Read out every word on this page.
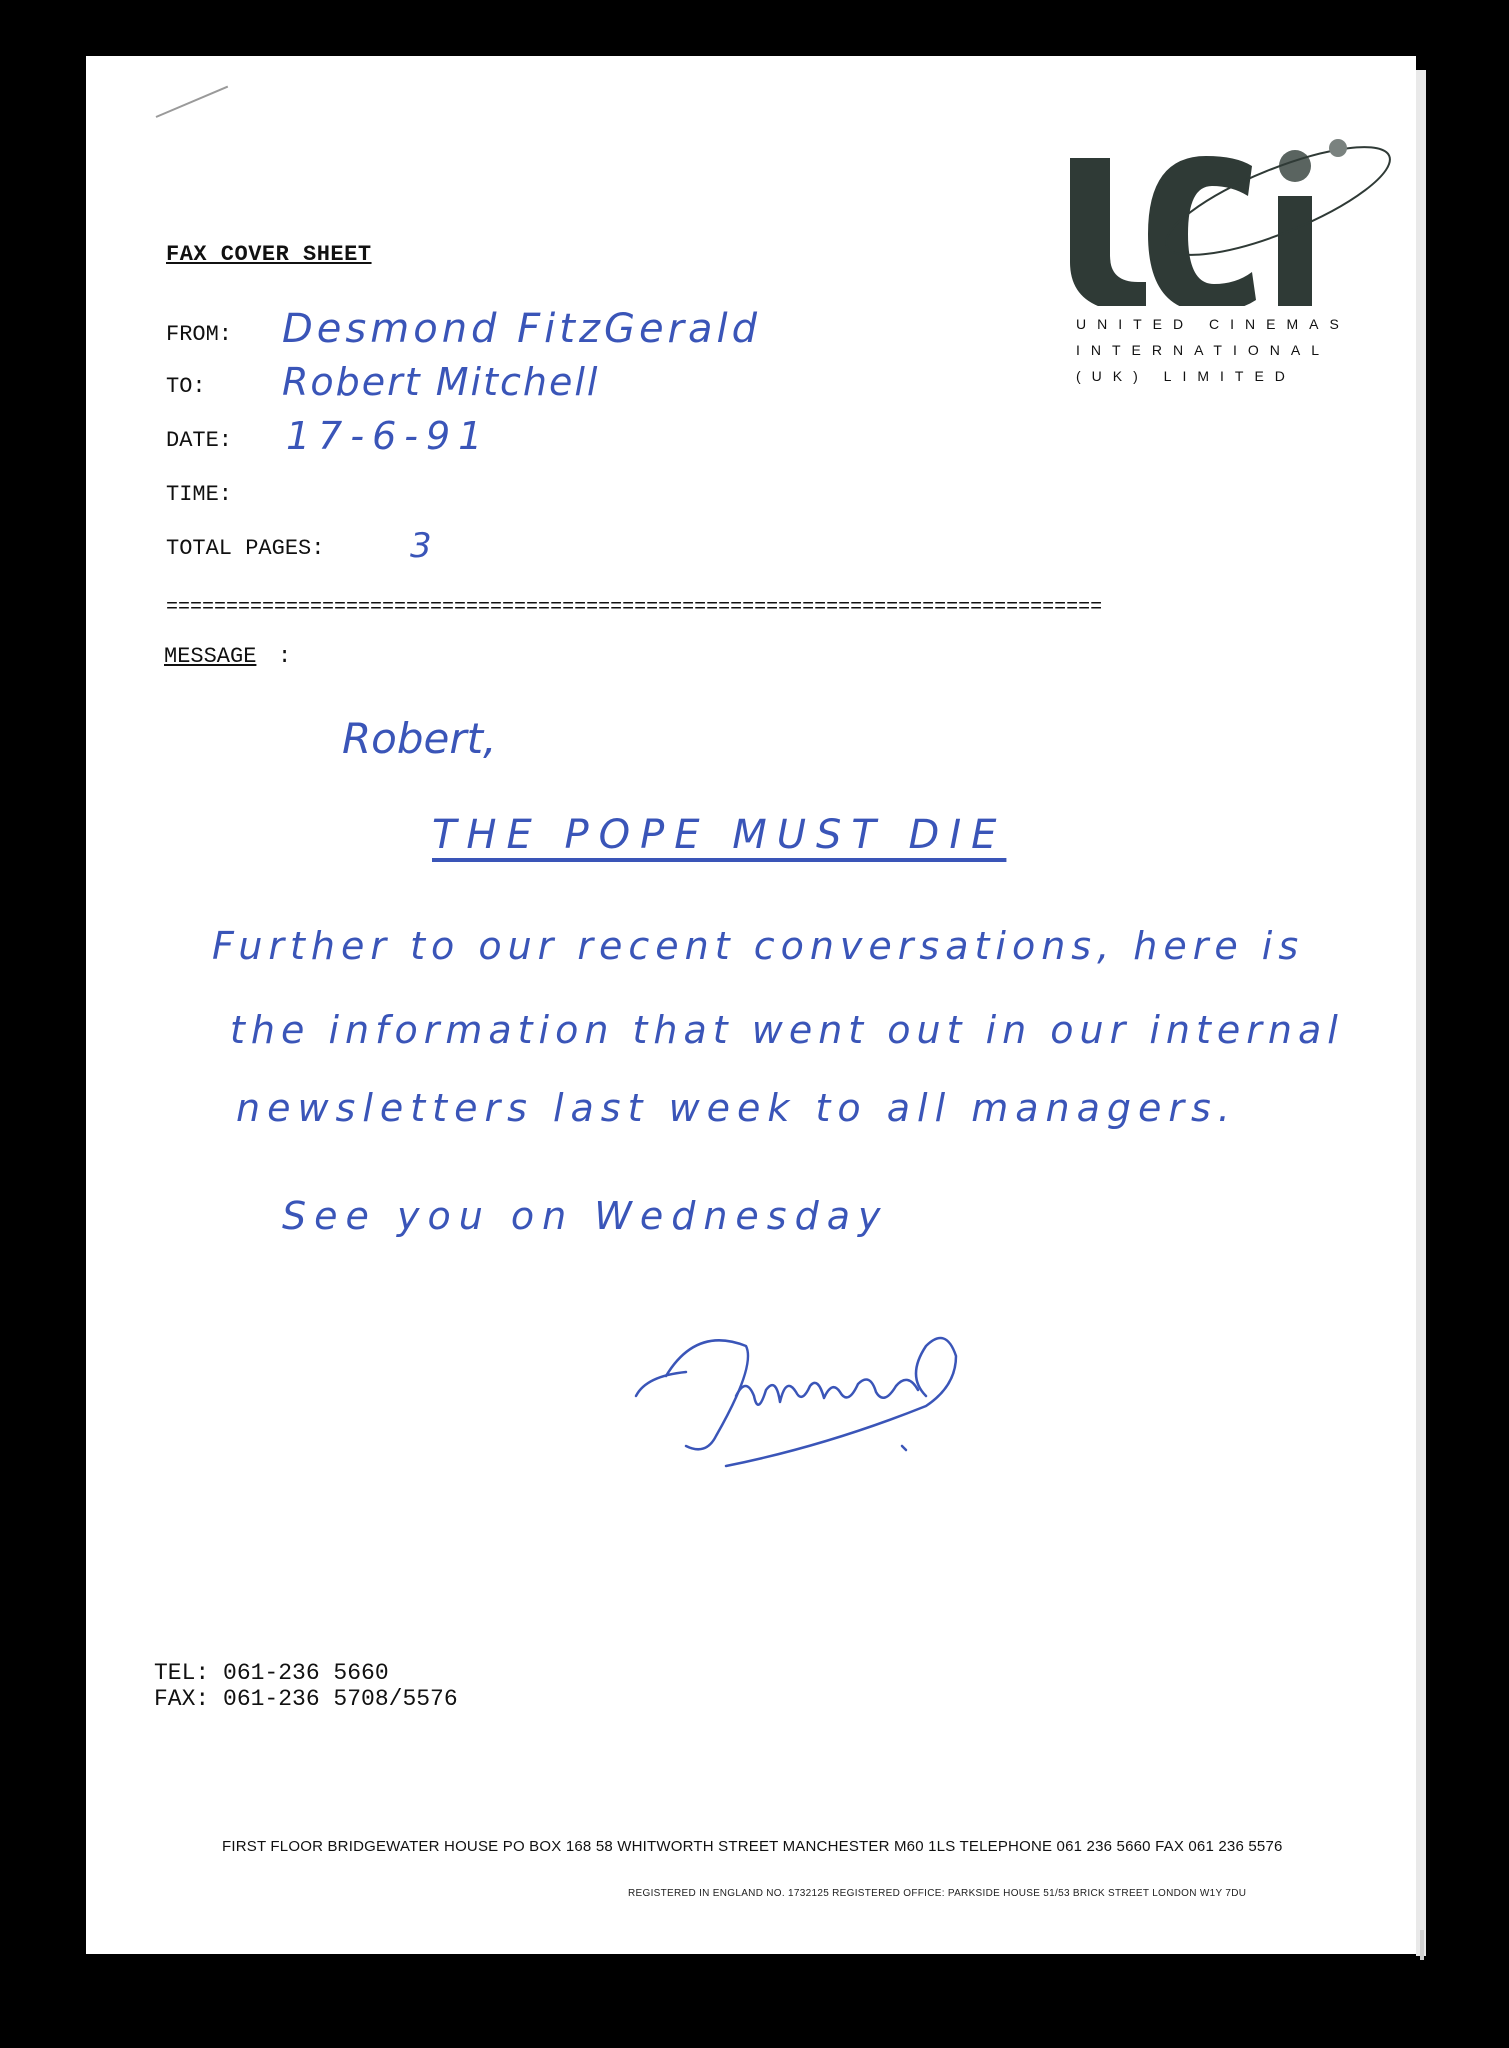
UNITED CINEMAS
INTERNATIONAL
(UK) LIMITED
FAX COVER SHEET
FROM: Desmond FitzGerald
TO: Robert Mitchell
DATE: 17-6-91
TIME:
TOTAL PAGES:	3
==============================================================================
MESSAGE :
Robert,
THE POPE MUST DIE
Further to our recent conversations, here is
the information that went out in our internal
newsletters last week to all managers.
See you on Wednesday
TEL: 061-236 5660
FAX: 061-236 5708/5576
FIRST FLOOR BRIDGEWATER HOUSE PO BOX 168 58 WHITWORTH STREET MANCHESTER M60 1LS TELEPHONE 061 236 5660 FAX 061 236 5576
REGISTERED IN ENGLAND NO. 1732125 REGISTERED OFFICE: PARKSIDE HOUSE 51/53 BRICK STREET LONDON W1Y 7DU
